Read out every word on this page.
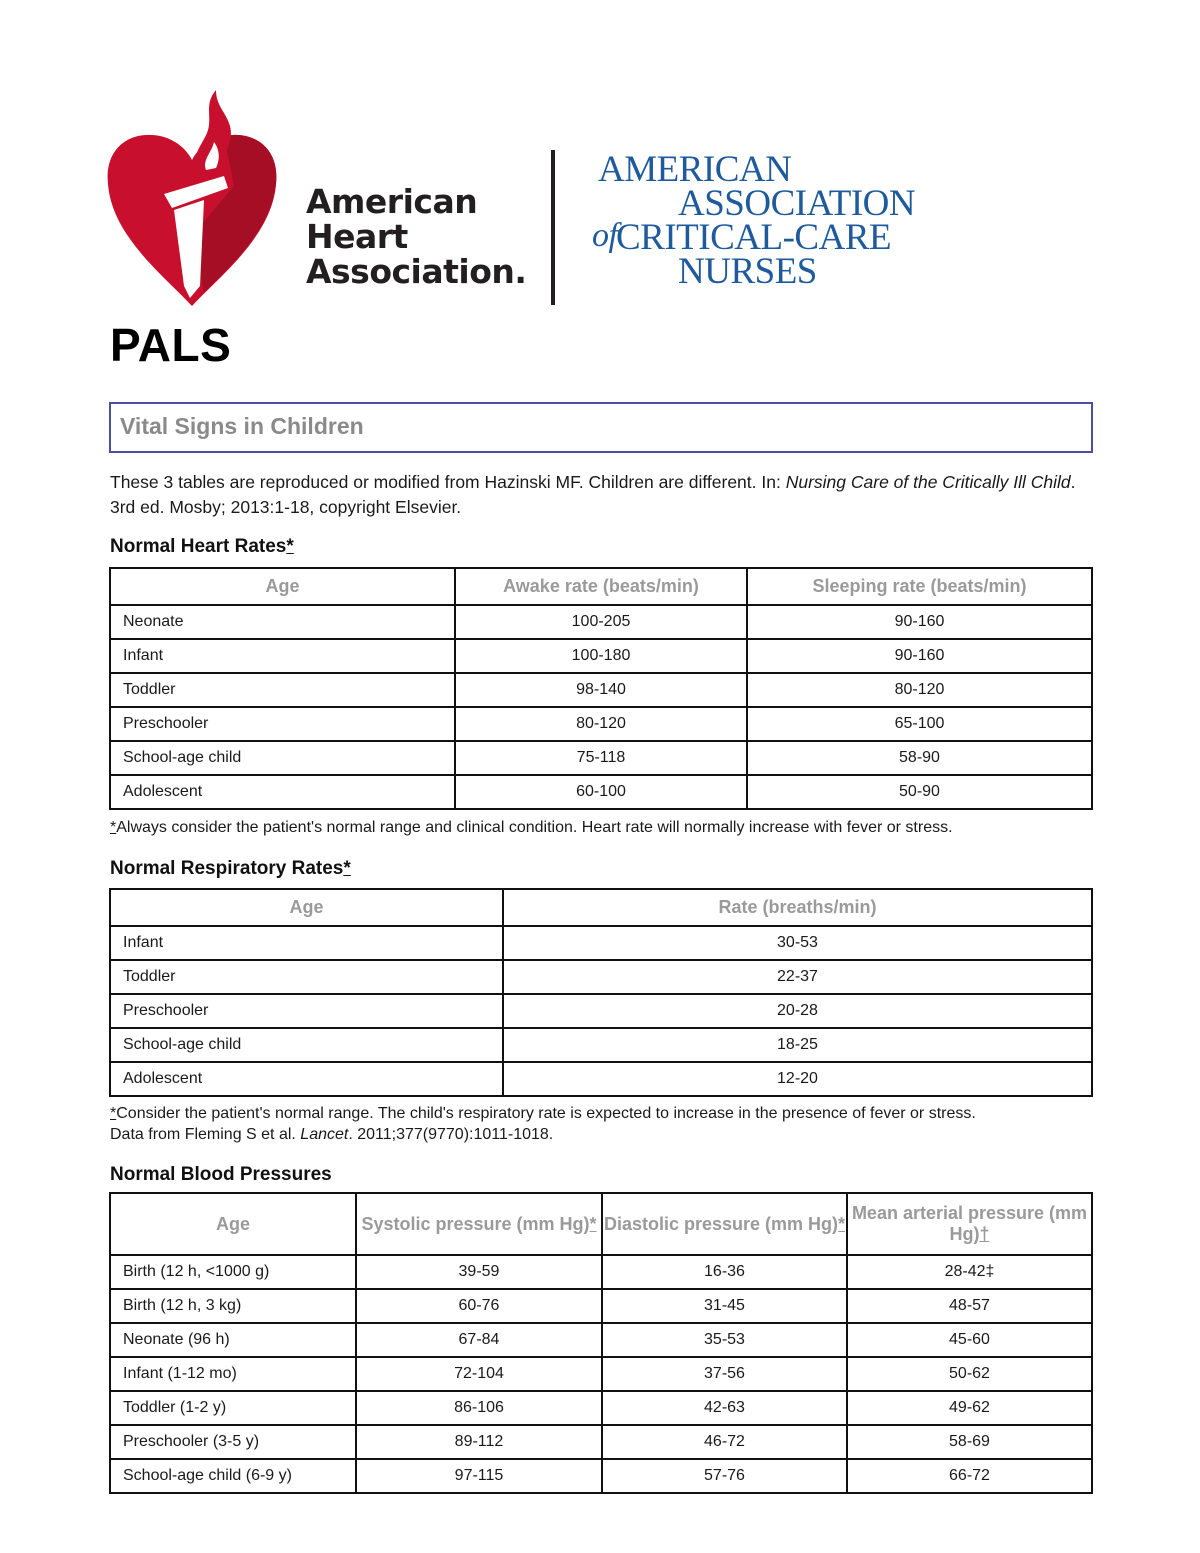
American
Heart
Association.
AMERICAN
ASSOCIATION
of
CRITICAL-CARE
NURSES
PALS
Vital Signs in Children
These 3 tables are reproduced or modified from Hazinski MF. Children are different. In: Nursing Care of the Critically Ill Child. 3rd ed. Mosby; 2013:1-18, copyright Elsevier.
Normal Heart Rates*
Age	Awake rate (beats/min)	Sleeping rate (beats/min)
Neonate	100-205	90-160
Infant	100-180	90-160
Toddler	98-140	80-120
Preschooler	80-120	65-100
School-age child	75-118	58-90
Adolescent	60-100	50-90
*Always consider the patient's normal range and clinical condition. Heart rate will normally increase with fever or stress.
Normal Respiratory Rates*
Age	Rate (breaths/min)
Infant	30-53
Toddler	22-37
Preschooler	20-28
School-age child	18-25
Adolescent	12-20
*Consider the patient's normal range. The child's respiratory rate is expected to increase in the presence of fever or stress.
Data from Fleming S et al. Lancet. 2011;377(9770):1011-1018.
Normal Blood Pressures
Age	Systolic pressure (mm Hg)*	Diastolic pressure (mm Hg)*	Mean arterial pressure (mm Hg)†
Birth (12 h, <1000 g)	39-59	16-36	28-42‡
Birth (12 h, 3 kg)	60-76	31-45	48-57
Neonate (96 h)	67-84	35-53	45-60
Infant (1-12 mo)	72-104	37-56	50-62
Toddler (1-2 y)	86-106	42-63	49-62
Preschooler (3-5 y)	89-112	46-72	58-69
School-age child (6-9 y)	97-115	57-76	66-72
